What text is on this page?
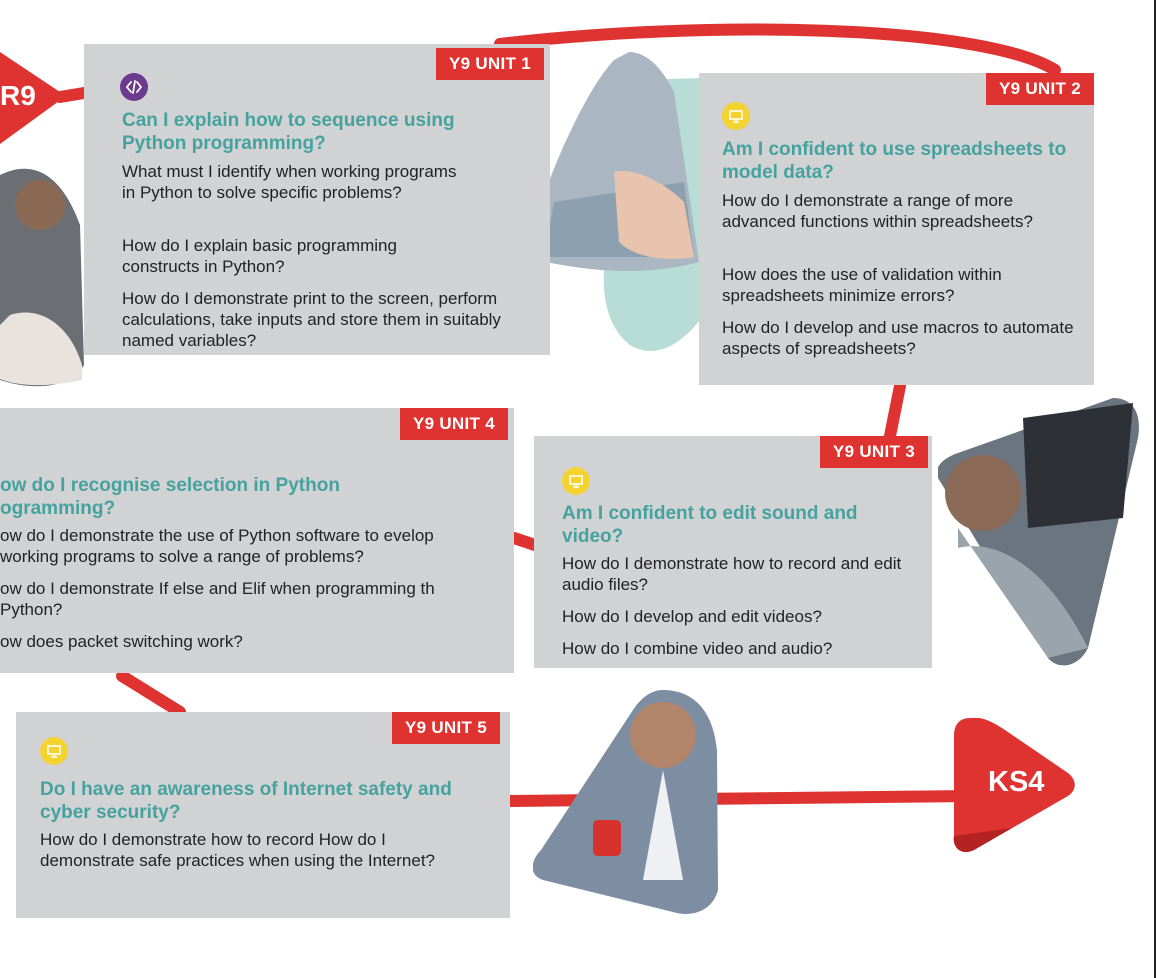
R9
KS4
Y9 UNIT 1

Can I explain how to sequence using Python programming?

What must I identify when working programs in Python to solve specific problems?

How do I explain basic programming constructs in Python?

How do I demonstrate print to the screen, perform calculations, take inputs and store them in suitably named variables?

Y9 UNIT 2

Am I confident to use spreadsheets to model data?

How do I demonstrate a range of more advanced functions within spreadsheets?

How does the use of validation within spreadsheets minimize errors?

How do I develop and use macros to automate aspects of spreadsheets?

Y9 UNIT 3

Am I confident to edit sound and video?

How do I demonstrate how to record and edit audio files?

How do I develop and edit videos?

How do I combine video and audio?

Y9 UNIT 4

ow do I recognise selection in Python ogramming?

ow do I demonstrate the use of Python software to evelop working programs to solve a range of problems?

ow do I demonstrate If else and Elif when programming th Python?

ow does packet switching work?

Y9 UNIT 5

Do I have an awareness of Internet safety and cyber security?

How do I demonstrate how to record How do I demonstrate safe practices when using the Internet?
